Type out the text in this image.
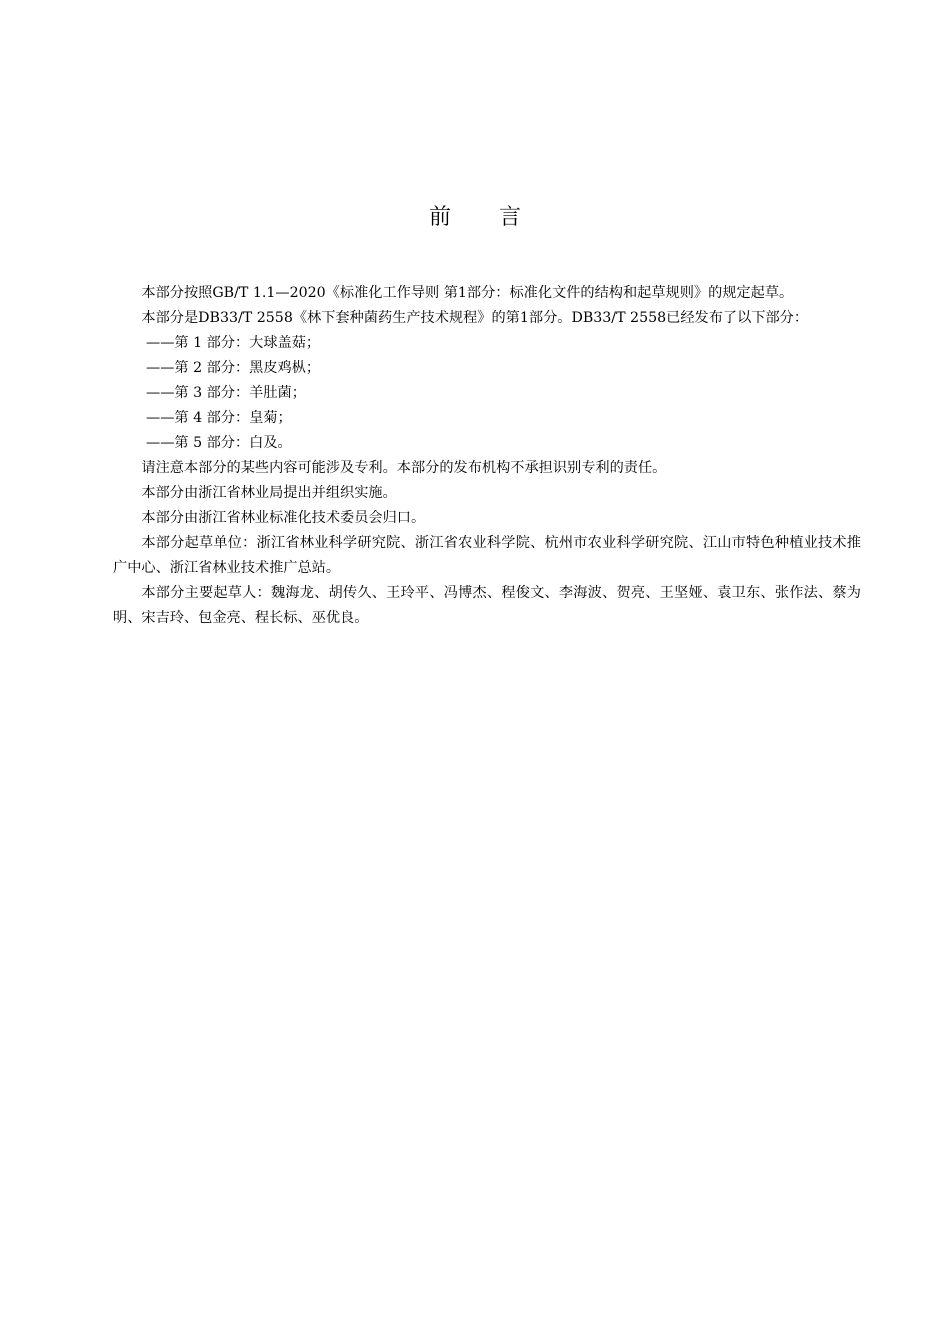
前言

本部分按照GB/T 1.1—2020《标准化工作导则 第1部分：标准化文件的结构和起草规则》的规定起草。

本部分是DB33/T 2558《林下套种菌药生产技术规程》的第1部分。DB33/T 2558已经发布了以下部分：

——第 1 部分：大球盖菇；

——第 2 部分：黑皮鸡枞；

——第 3 部分：羊肚菌；

——第 4 部分：皇菊；

——第 5 部分：白及。

请注意本部分的某些内容可能涉及专利。本部分的发布机构不承担识别专利的责任。

本部分由浙江省林业局提出并组织实施。

本部分由浙江省林业标准化技术委员会归口。

本部分起草单位：浙江省林业科学研究院、浙江省农业科学院、杭州市农业科学研究院、江山市特色种植业技术推广中心、浙江省林业技术推广总站。

本部分主要起草人：魏海龙、胡传久、王玲平、冯博杰、程俊文、李海波、贺亮、王坚娅、袁卫东、张作法、蔡为明、宋吉玲、包金亮、程长标、巫优良。
